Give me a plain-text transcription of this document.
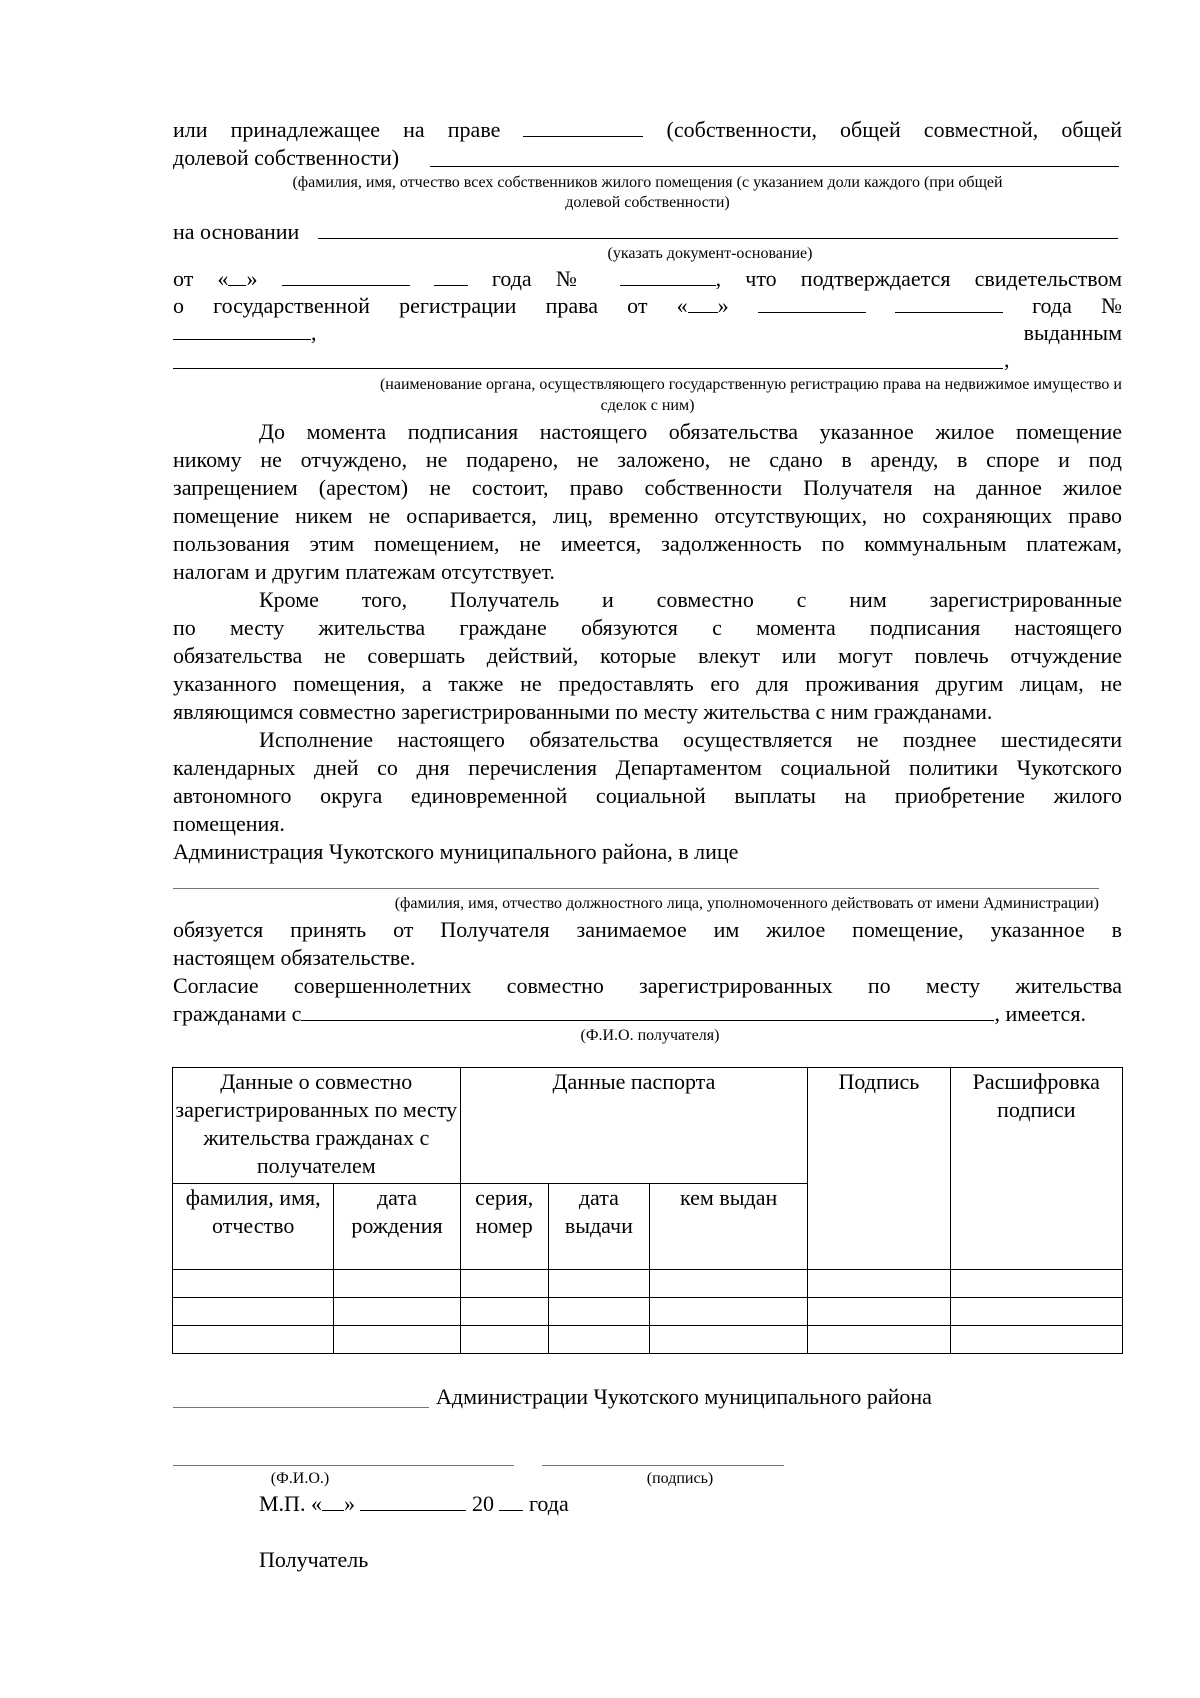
или принадлежащее на праве	(собственности, общей совместной, общей
долевой собственности)
(фамилия, имя, отчество всех собственников жилого помещения (с указанием доли каждого (при общей
долевой собственности)
на основании
(указать документ-основание)
от « »	года №	, что подтверждается свидетельством
о государственной регистрации права от « »	года №
,	выданным
,
(наименование органа, осуществляющего государственную регистрацию права на недвижимое имущество и
сделок с ним)
До момента подписания настоящего обязательства указанное жилое помещение
никому не отчуждено, не подарено, не заложено, не сдано в аренду, в споре и под
запрещением (арестом) не состоит, право собственности Получателя на данное жилое
помещение никем не оспаривается, лиц, временно отсутствующих, но сохраняющих право
пользования этим помещением, не имеется, задолженность по коммунальным платежам,
налогам и другим платежам отсутствует.
Кроме того, Получатель и совместно с ним зарегистрированные
по месту жительства граждане обязуются с момента подписания настоящего
обязательства не совершать действий, которые влекут или могут повлечь отчуждение
указанного помещения, а также не предоставлять его для проживания другим лицам, не
являющимся совместно зарегистрированными по месту жительства с ним гражданами.
Исполнение настоящего обязательства осуществляется не позднее шестидесяти
календарных дней со дня перечисления Департаментом социальной политики Чукотского
автономного округа единовременной социальной выплаты на приобретение жилого
помещения.
Администрация Чукотского муниципального района, в лице
(фамилия, имя, отчество должностного лица, уполномоченного действовать от имени Администрации)
обязуется принять от Получателя занимаемое им жилое помещение, указанное в
настоящем обязательстве.
Согласие совершеннолетних совместно зарегистрированных по месту жительства
гражданами с	, имеется.
(Ф.И.О. получателя)
Данные о совместно зарегистрированных по месту жительства гражданах с получателем		Данные паспорта			Подпись	Расшифровка подписи
фамилия, имя, отчество	дата рождения	серия, номер	дата выдачи	кем выдан		

Администрации Чукотского муниципального района
(Ф.И.О.)	(подпись)
М.П. « »	20 года
Получатель
